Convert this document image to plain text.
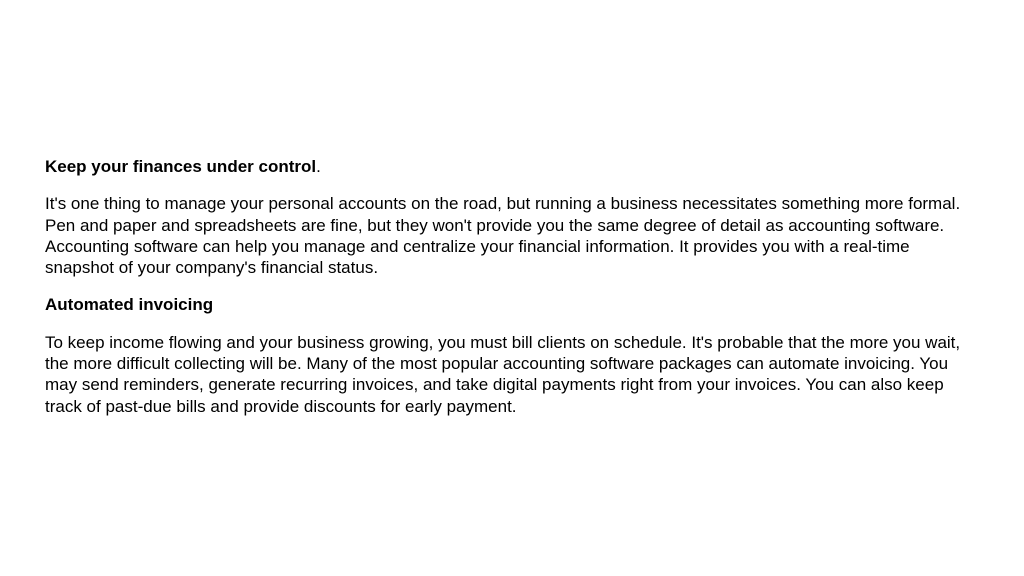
Keep your finances under control.

It's one thing to manage your personal accounts on the road, but running a business necessitates something more formal. Pen and paper and spreadsheets are fine, but they won't provide you the same degree of detail as accounting software. Accounting software can help you manage and centralize your financial information. It provides you with a real-time snapshot of your company's financial status.

Automated invoicing

To keep income flowing and your business growing, you must bill clients on schedule. It's probable that the more you wait, the more difficult collecting will be. Many of the most popular accounting software packages can automate invoicing. You may send reminders, generate recurring invoices, and take digital payments right from your invoices. You can also keep track of past-due bills and provide discounts for early payment.
